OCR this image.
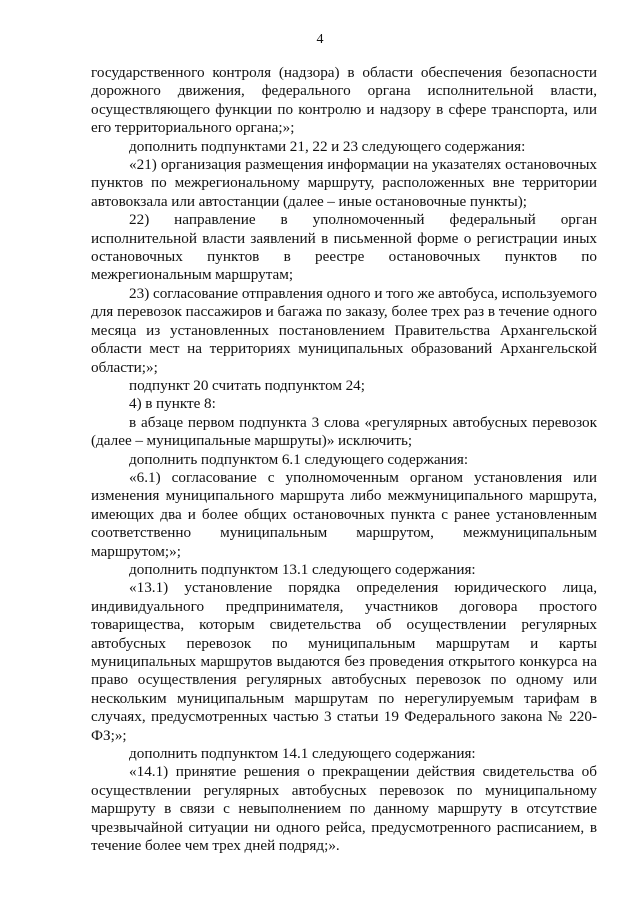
4

государственного контроля (надзора) в области обеспечения безопасности дорожного движения, федерального органа исполнительной власти, осуществляющего функции по контролю и надзору в сфере транспорта, или его территориального органа;»;

дополнить подпунктами 21, 22 и 23 следующего содержания:

«21) организация размещения информации на указателях остановочных пунктов по межрегиональному маршруту, расположенных вне территории автовокзала или автостанции (далее – иные остановочные пункты);

22) направление в уполномоченный федеральный орган исполнительной власти заявлений в письменной форме о регистрации иных остановочных пунктов в реестре остановочных пунктов по межрегиональным маршрутам;

23) согласование отправления одного и того же автобуса, используемого для перевозок пассажиров и багажа по заказу, более трех раз в течение одного месяца из установленных постановлением Правительства Архангельской области мест на территориях муниципальных образований Архангельской области;»;

подпункт 20 считать подпунктом 24;

4) в пункте 8:

в абзаце первом подпункта 3 слова «регулярных автобусных перевозок (далее – муниципальные маршруты)» исключить;

дополнить подпунктом 6.1 следующего содержания:

«6.1) согласование с уполномоченным органом установления или изменения муниципального маршрута либо межмуниципального маршрута, имеющих два и более общих остановочных пункта с ранее установленным соответственно муниципальным маршрутом, межмуниципальным маршрутом;»;

дополнить подпунктом 13.1 следующего содержания:

«13.1) установление порядка определения юридического лица, индивидуального предпринимателя, участников договора простого товарищества, которым свидетельства об осуществлении регулярных автобусных перевозок по муниципальным маршрутам и карты муниципальных маршрутов выдаются без проведения открытого конкурса на право осуществления регулярных автобусных перевозок по одному или нескольким муниципальным маршрутам по нерегулируемым тарифам в случаях, предусмотренных частью 3 статьи 19 Федерального закона № 220-ФЗ;»;

дополнить подпунктом 14.1 следующего содержания:

«14.1) принятие решения о прекращении действия свидетельства об осуществлении регулярных автобусных перевозок по муниципальному маршруту в связи с невыполнением по данному маршруту в отсутствие чрезвычайной ситуации ни одного рейса, предусмотренного расписанием, в течение более чем трех дней подряд;».
